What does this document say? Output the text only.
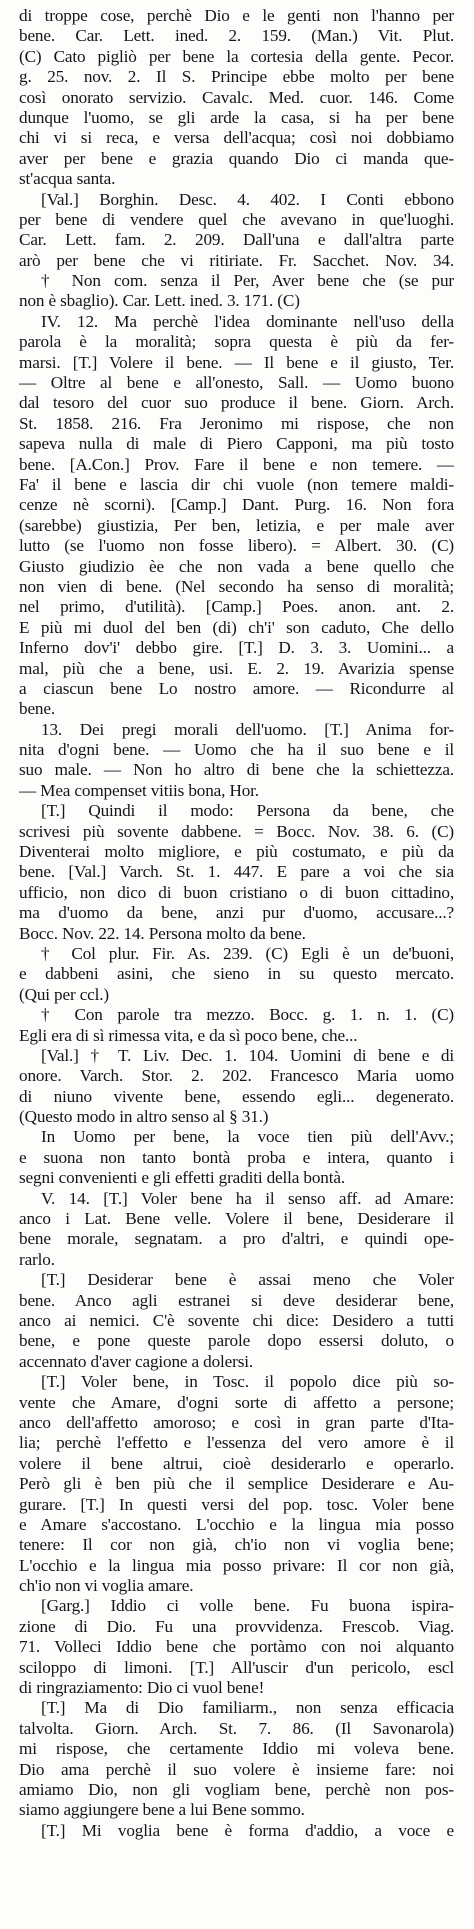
di troppe cose, perchè Dio e le genti non l'hanno per
bene. Car. Lett. ined. 2. 159. (Man.) Vit. Plut.
(C) Cato pigliò per bene la cortesia della gente. Pecor.
g. 25. nov. 2. Il S. Principe ebbe molto per bene
così onorato servizio. Cavalc. Med. cuor. 146. Come
dunque l'uomo, se gli arde la casa, si ha per bene
chi vi si reca, e versa dell'acqua; così noi dobbiamo
aver per bene e grazia quando Dio ci manda que-
st'acqua santa.
[Val.] Borghin. Desc. 4. 402. I Conti ebbono
per bene di vendere quel che avevano in que'luoghi.
Car. Lett. fam. 2. 209. Dall'una e dall'altra parte
arò per bene che vi ritiriate. Fr. Sacchet. Nov. 34.
† Non com. senza il Per, Aver bene che (se pur
non è sbaglio). Car. Lett. ined. 3. 171. (C)
IV. 12. Ma perchè l'idea dominante nell'uso della
parola è la moralità; sopra questa è più da fer-
marsi. [T.] Volere il bene. — Il bene e il giusto, Ter.
— Oltre al bene e all'onesto, Sall. — Uomo buono
dal tesoro del cuor suo produce il bene. Giorn. Arch.
St. 1858. 216. Fra Jeronimo mi rispose, che non
sapeva nulla di male di Piero Capponi, ma più tosto
bene. [A.Con.] Prov. Fare il bene e non temere. —
Fa' il bene e lascia dir chi vuole (non temere maldi-
cenze nè scorni). [Camp.] Dant. Purg. 16. Non fora
(sarebbe) giustizia, Per ben, letizia, e per male aver
lutto (se l'uomo non fosse libero). = Albert. 30. (C)
Giusto giudizio èe che non vada a bene quello che
non vien di bene. (Nel secondo ha senso di moralità;
nel primo, d'utilità). [Camp.] Poes. anon. ant. 2.
E più mi duol del ben (di) ch'i' son caduto, Che dello
Inferno dov'i' debbo gire. [T.] D. 3. 3. Uomini... a
mal, più che a bene, usi. E. 2. 19. Avarizia spense
a ciascun bene Lo nostro amore. — Ricondurre al
bene.
13. Dei pregi morali dell'uomo. [T.] Anima for-
nita d'ogni bene. — Uomo che ha il suo bene e il
suo male. — Non ho altro di bene che la schiettezza.
— Mea compenset vitiis bona, Hor.
[T.] Quindi il modo: Persona da bene, che
scrivesi più sovente dabbene. = Bocc. Nov. 38. 6. (C)
Diventerai molto migliore, e più costumato, e più da
bene. [Val.] Varch. St. 1. 447. E pare a voi che sia
ufficio, non dico di buon cristiano o di buon cittadino,
ma d'uomo da bene, anzi pur d'uomo, accusare...?
Bocc. Nov. 22. 14. Persona molto da bene.
† Col plur. Fir. As. 239. (C) Egli è un de'buoni,
e dabbeni asini, che sieno in su questo mercato.
(Qui per ccl.)
† Con parole tra mezzo. Bocc. g. 1. n. 1. (C)
Egli era di sì rimessa vita, e da sì poco bene, che...
[Val.] † T. Liv. Dec. 1. 104. Uomini di bene e di
onore. Varch. Stor. 2. 202. Francesco Maria uomo
di niuno vivente bene, essendo egli... degenerato.
(Questo modo in altro senso al § 31.)
In Uomo per bene, la voce tien più dell'Avv.;
e suona non tanto bontà proba e intera, quanto i
segni convenienti e gli effetti graditi della bontà.
V. 14. [T.] Voler bene ha il senso aff. ad Amare:
anco i Lat. Bene velle. Volere il bene, Desiderare il
bene morale, segnatam. a pro d'altri, e quindi ope-
rarlo.
[T.] Desiderar bene è assai meno che Voler
bene. Anco agli estranei si deve desiderar bene,
anco ai nemici. C'è sovente chi dice: Desidero a tutti
bene, e pone queste parole dopo essersi doluto, o
accennato d'aver cagione a dolersi.
[T.] Voler bene, in Tosc. il popolo dice più so-
vente che Amare, d'ogni sorte di affetto a persone;
anco dell'affetto amoroso; e così in gran parte d'Ita-
lia; perchè l'effetto e l'essenza del vero amore è il
volere il bene altrui, cioè desiderarlo e operarlo.
Però gli è ben più che il semplice Desiderare e Au-
gurare. [T.] In questi versi del pop. tosc. Voler bene
e Amare s'accostano. L'occhio e la lingua mia posso
tenere: Il cor non già, ch'io non vi voglia bene;
L'occhio e la lingua mia posso privare: Il cor non già,
ch'io non vi voglia amare.
[Garg.] Iddio ci volle bene. Fu buona ispira-
zione di Dio. Fu una provvidenza. Frescob. Viag.
71. Volleci Iddio bene che portàmo con noi alquanto
sciloppo di limoni. [T.] All'uscir d'un pericolo, escl
di ringraziamento: Dio ci vuol bene!
[T.] Ma di Dio familiarm., non senza efficacia
talvolta. Giorn. Arch. St. 7. 86. (Il Savonarola)
mi rispose, che certamente Iddio mi voleva bene.
Dio ama perchè il suo volere è insieme fare: noi
amiamo Dio, non gli vogliam bene, perchè non pos-
siamo aggiungere bene a lui Bene sommo.
[T.] Mi voglia bene è forma d'addio, a voce e
